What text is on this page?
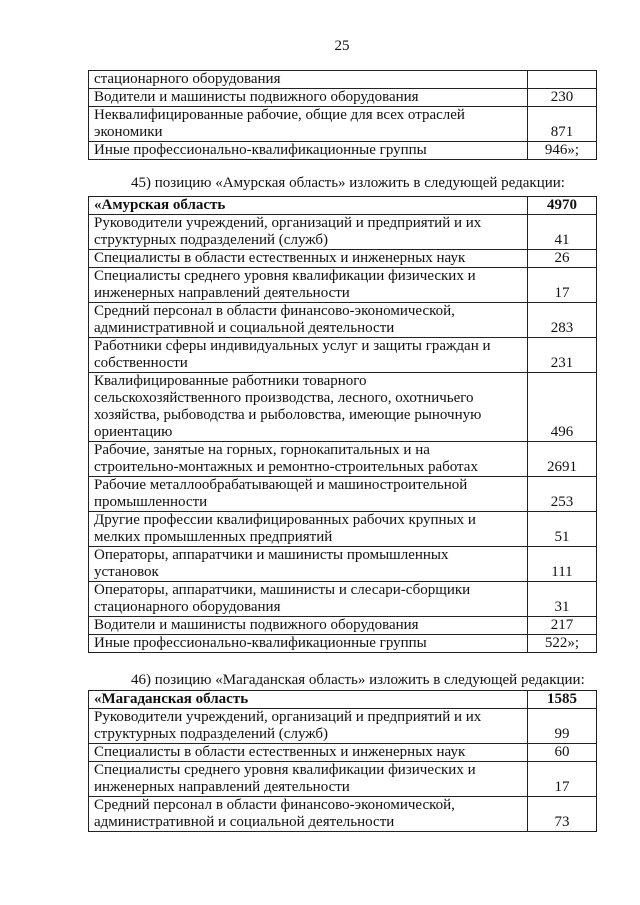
25
стационарного оборудования	
Водители и машинисты подвижного оборудования	230
Неквалифицированные рабочие, общие для всех отраслей
экономики	871
Иные профессионально-квалификационные группы	946»;
45) позицию «Амурская область» изложить в следующей редакции:
«Амурская область	4970
Руководители учреждений, организаций и предприятий и их
структурных подразделений (служб)	41
Специалисты в области естественных и инженерных наук	26
Специалисты среднего уровня квалификации физических и
инженерных направлений деятельности	17
Средний персонал в области финансово-экономической,
административной и социальной деятельности	283
Работники сферы индивидуальных услуг и защиты граждан и
собственности	231
Квалифицированные работники товарного
сельскохозяйственного производства, лесного, охотничьего
хозяйства, рыбоводства и рыболовства, имеющие рыночную
ориентацию	496
Рабочие, занятые на горных, горнокапитальных и на
строительно-монтажных и ремонтно-строительных работах	2691
Рабочие металлообрабатывающей и машиностроительной
промышленности	253
Другие профессии квалифицированных рабочих крупных и
мелких промышленных предприятий	51
Операторы, аппаратчики и машинисты промышленных
установок	111
Операторы, аппаратчики, машинисты и слесари-сборщики
стационарного оборудования	31
Водители и машинисты подвижного оборудования	217
Иные профессионально-квалификационные группы	522»;
46) позицию «Магаданская область» изложить в следующей редакции:
«Магаданская область	1585
Руководители учреждений, организаций и предприятий и их
структурных подразделений (служб)	99
Специалисты в области естественных и инженерных наук	60
Специалисты среднего уровня квалификации физических и
инженерных направлений деятельности	17
Средний персонал в области финансово-экономической,
административной и социальной деятельности	73
